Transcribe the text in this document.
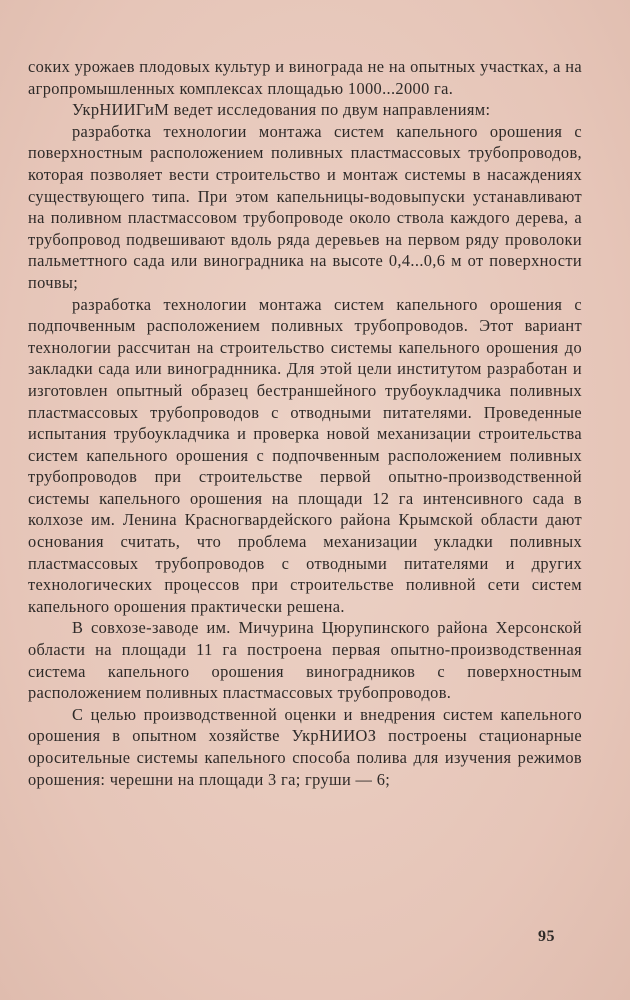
соких урожаев плодовых культур и винограда не на опытных участках, а на агропромышленных комплексах площадью 1000...2000 га.

УкрНИИГиМ ведет исследования по двум направлениям:

разработка технологии монтажа систем капельного орошения с поверхностным расположением поливных пластмассовых трубопроводов, которая позволяет вести строительство и монтаж системы в насаждениях существующего типа. При этом капельницы-водовыпуски устанавливают на поливном пластмассовом трубопроводе около ствола каждого дерева, а трубопровод подвешивают вдоль ряда деревьев на первом ряду проволоки пальметтного сада или виноградника на высоте 0,4...0,6 м от поверхности почвы;

разработка технологии монтажа систем капельного орошения с подпочвенным расположением поливных трубопроводов. Этот вариант технологии рассчитан на строительство системы капельного орошения до закладки сада или винограднника. Для этой цели институтом разработан и изготовлен опытный образец бестраншейного трубоукладчика поливных пластмассовых трубопроводов с отводными питателями. Проведенные испытания трубоукладчика и проверка новой механизации строительства систем капельного орошения с подпочвенным расположением поливных трубопроводов при строительстве первой опытно-производственной системы капельного орошения на площади 12 га интенсивного сада в колхозе им. Ленина Красногвардейского района Крымской области дают основания считать, что проблема механизации укладки поливных пластмассовых трубопроводов с отводными питателями и других технологических процессов при строительстве поливной сети систем капельного орошения практически решена.

В совхозе-заводе им. Мичурина Цюрупинского района Херсонской области на площади 11 га построена первая опытно-производственная система капельного орошения виноградников с поверхностным расположением поливных пластмассовых трубопроводов.

С целью производственной оценки и внедрения систем капельного орошения в опытном хозяйстве УкрНИИОЗ построены стационарные оросительные системы капельного способа полива для изучения режимов орошения: черешни на площади 3 га; груши — 6;

95
